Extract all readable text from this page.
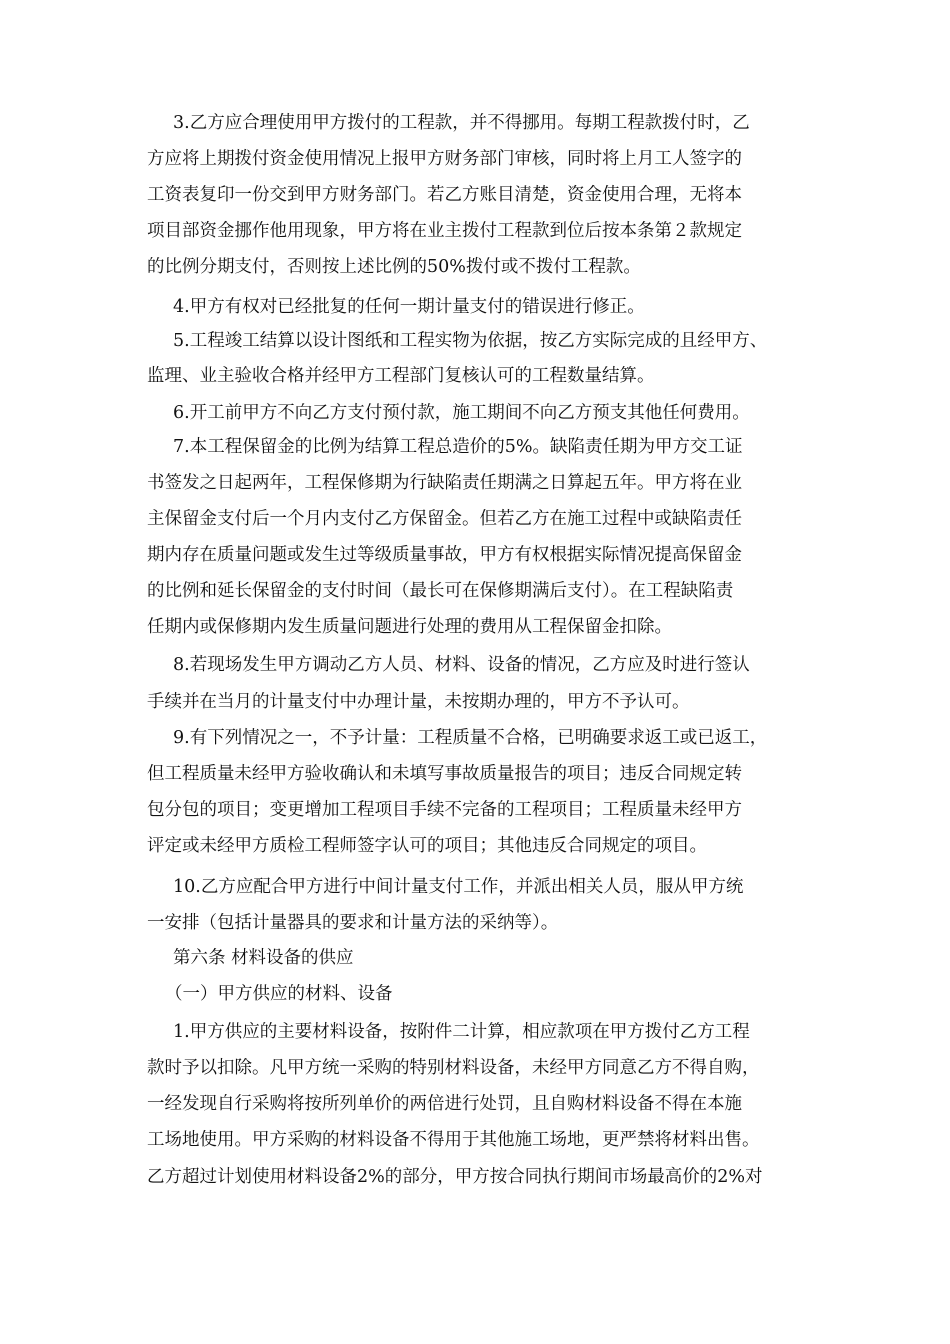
3.乙方应合理使用甲方拨付的工程款，并不得挪用。每期工程款拨付时，乙
方应将上期拨付资金使用情况上报甲方财务部门审核，同时将上月工人签字的
工资表复印一份交到甲方财务部门。若乙方账目清楚，资金使用合理，无将本
项目部资金挪作他用现象，甲方将在业主拨付工程款到位后按本条第２款规定
的比例分期支付，否则按上述比例的50%拨付或不拨付工程款。
4.甲方有权对已经批复的任何一期计量支付的错误进行修正。
5.工程竣工结算以设计图纸和工程实物为依据，按乙方实际完成的且经甲方、
监理、业主验收合格并经甲方工程部门复核认可的工程数量结算。
6.开工前甲方不向乙方支付预付款，施工期间不向乙方预支其他任何费用。
7.本工程保留金的比例为结算工程总造价的5%。缺陷责任期为甲方交工证
书签发之日起两年，工程保修期为行缺陷责任期满之日算起五年。甲方将在业
主保留金支付后一个月内支付乙方保留金。但若乙方在施工过程中或缺陷责任
期内存在质量问题或发生过等级质量事故，甲方有权根据实际情况提高保留金
的比例和延长保留金的支付时间（最长可在保修期满后支付）。在工程缺陷责
任期内或保修期内发生质量问题进行处理的费用从工程保留金扣除。
8.若现场发生甲方调动乙方人员、材料、设备的情况，乙方应及时进行签认
手续并在当月的计量支付中办理计量，未按期办理的，甲方不予认可。
9.有下列情况之一，不予计量：工程质量不合格，已明确要求返工或已返工，
但工程质量未经甲方验收确认和未填写事故质量报告的项目；违反合同规定转
包分包的项目；变更增加工程项目手续不完备的工程项目；工程质量未经甲方
评定或未经甲方质检工程师签字认可的项目；其他违反合同规定的项目。
10.乙方应配合甲方进行中间计量支付工作，并派出相关人员，服从甲方统
一安排（包括计量器具的要求和计量方法的采纳等）。
第六条 材料设备的供应
（一）甲方供应的材料、设备
1.甲方供应的主要材料设备，按附件二计算，相应款项在甲方拨付乙方工程
款时予以扣除。凡甲方统一采购的特别材料设备，未经甲方同意乙方不得自购，
一经发现自行采购将按所列单价的两倍进行处罚，且自购材料设备不得在本施
工场地使用。甲方采购的材料设备不得用于其他施工场地，更严禁将材料出售。
乙方超过计划使用材料设备2%的部分，甲方按合同执行期间市场最高价的2%对
